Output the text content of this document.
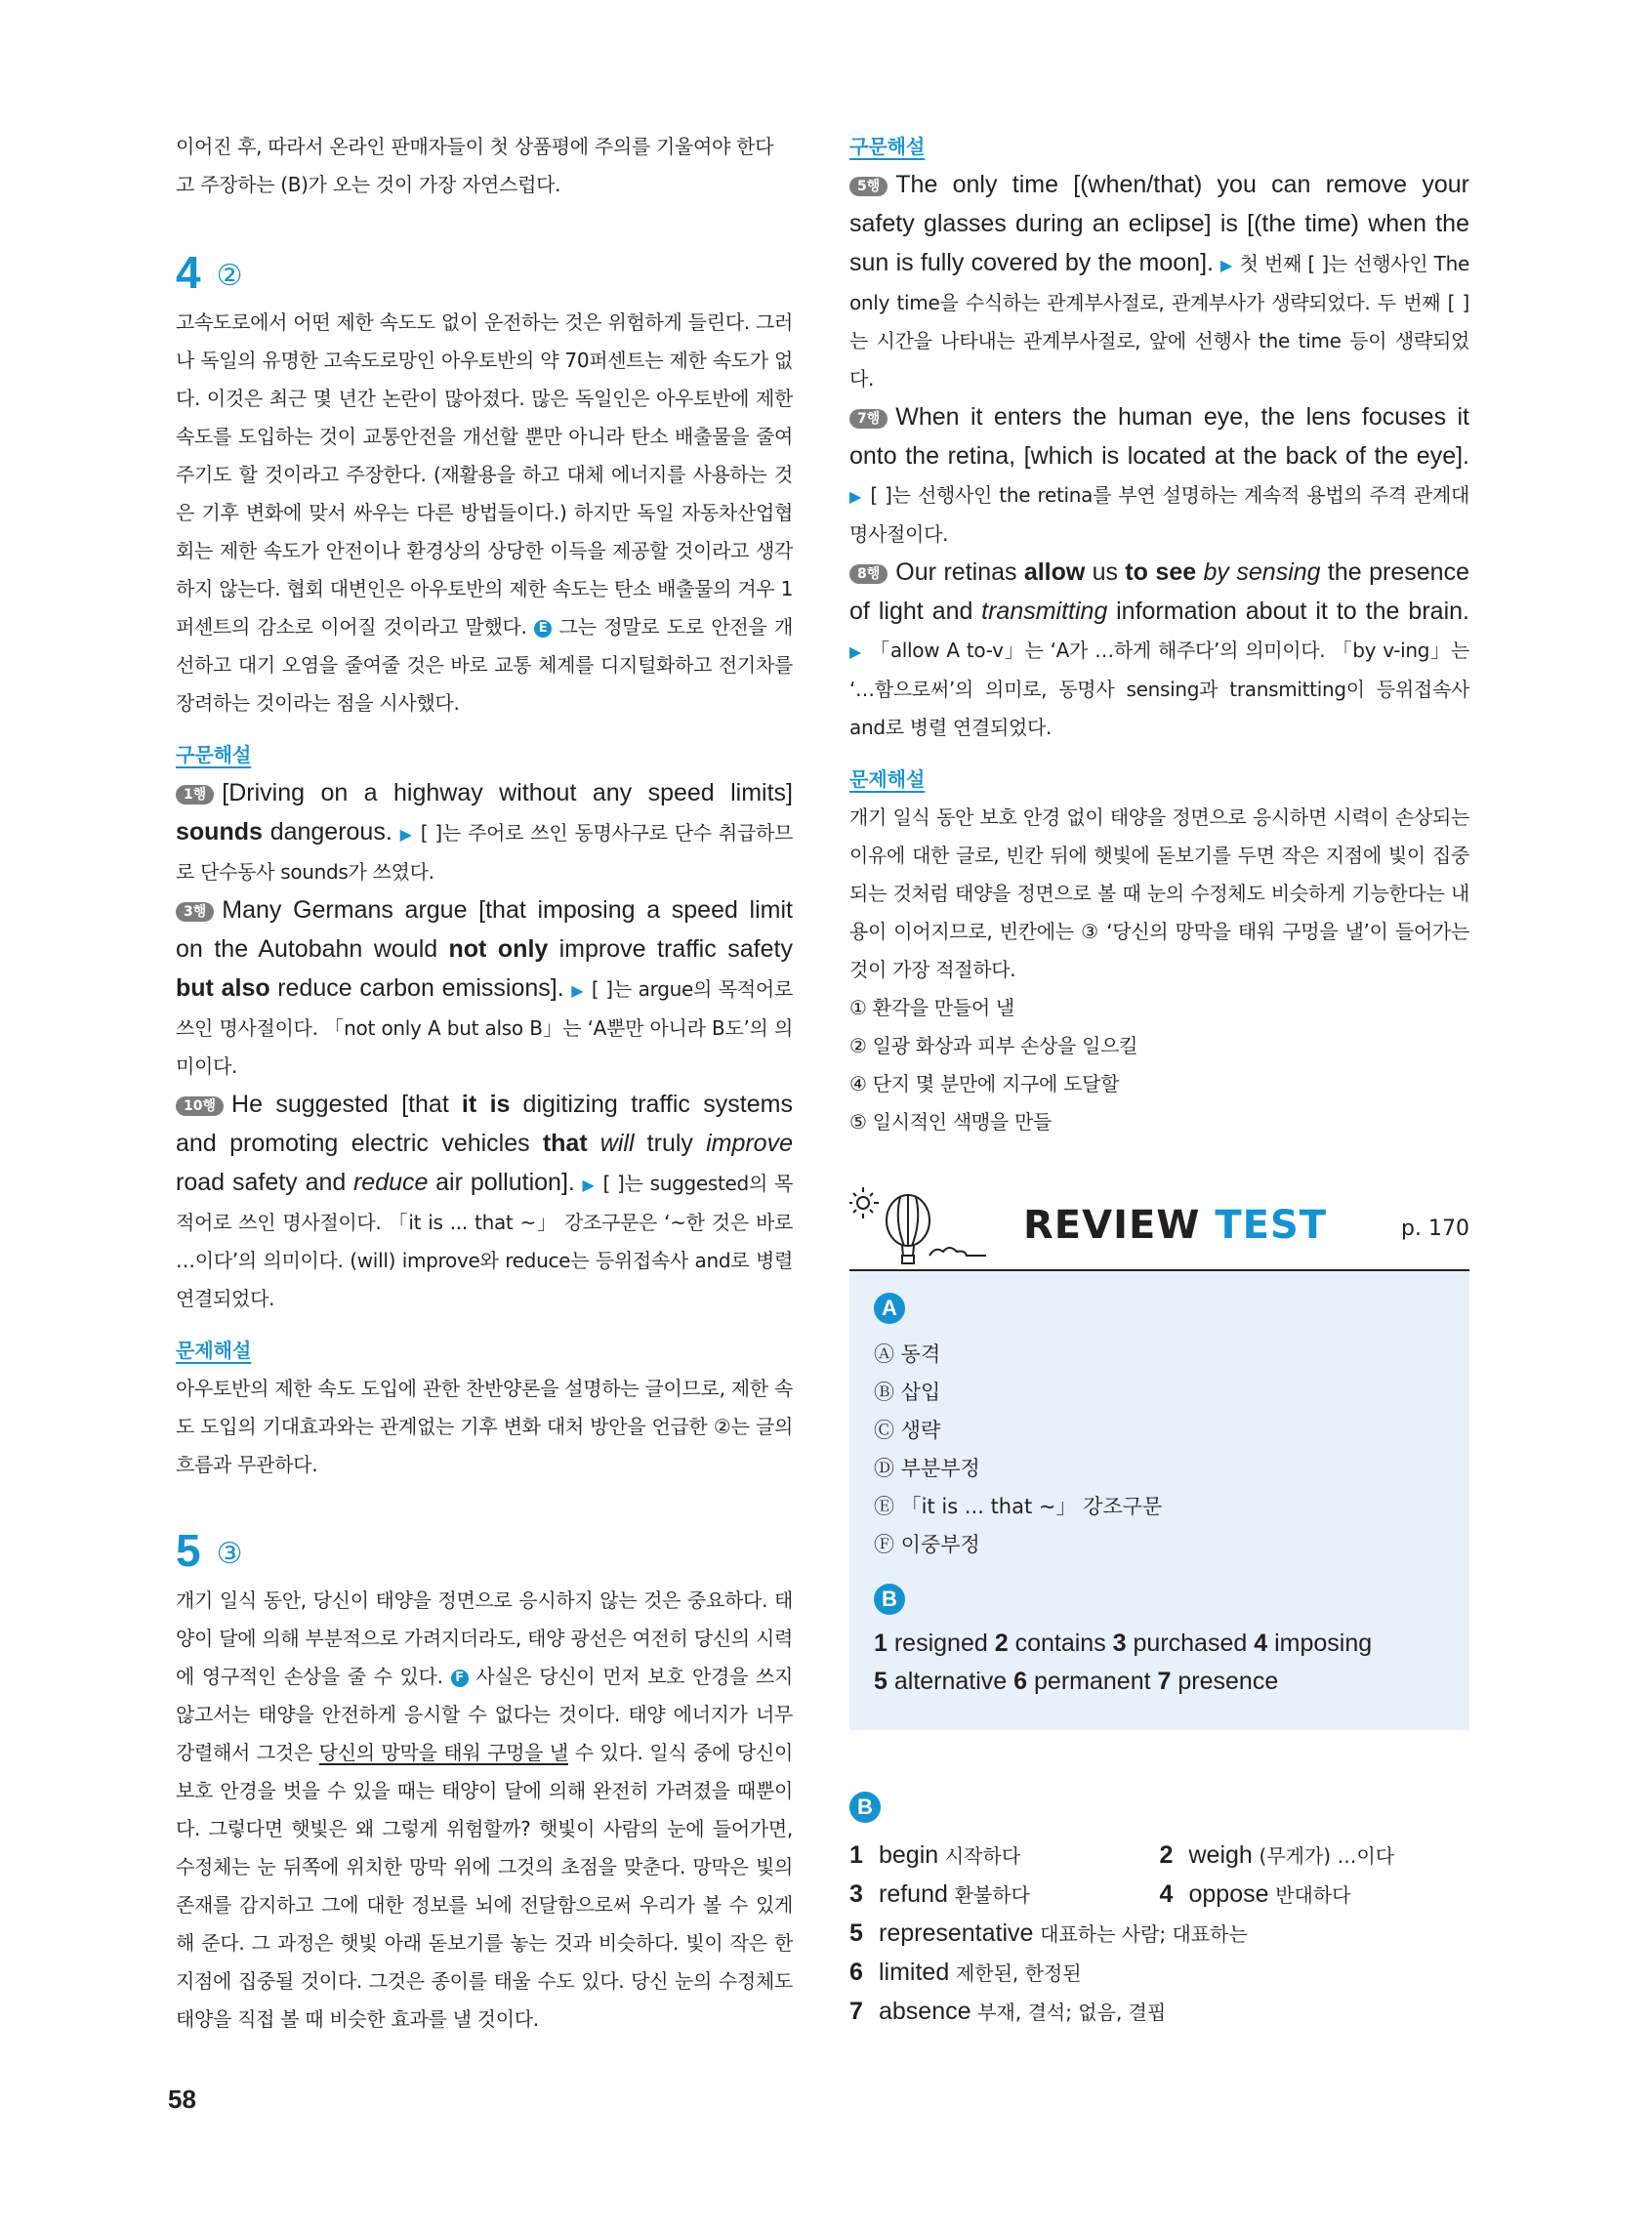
이어진 후, 따라서 온라인 판매자들이 첫 상품평에 주의를 기울여야 한다

고 주장하는 (B)가 오는 것이 가장 자연스럽다.

4 ②

고속도로에서 어떤 제한 속도도 없이 운전하는 것은 위험하게 들린다. 그러나 독일의 유명한 고속도로망인 아우토반의 약 70퍼센트는 제한 속도가 없다. 이것은 최근 몇 년간 논란이 많아졌다. 많은 독일인은 아우토반에 제한 속도를 도입하는 것이 교통안전을 개선할 뿐만 아니라 탄소 배출물을 줄여주기도 할 것이라고 주장한다. (재활용을 하고 대체 에너지를 사용하는 것은 기후 변화에 맞서 싸우는 다른 방법들이다.) 하지만 독일 자동차산업협회는 제한 속도가 안전이나 환경상의 상당한 이득을 제공할 것이라고 생각하지 않는다. 협회 대변인은 아우토반의 제한 속도는 탄소 배출물의 겨우 1퍼센트의 감소로 이어질 것이라고 말했다. E 그는 정말로 도로 안전을 개선하고 대기 오염을 줄여줄 것은 바로 교통 체계를 디지털화하고 전기차를 장려하는 것이라는 점을 시사했다.

구문해설

1행 [Driving on a highway without any speed limits] sounds dangerous. ▶ [ ]는 주어로 쓰인 동명사구로 단수 취급하므로 단수동사 sounds가 쓰였다.

3행 Many Germans argue [that imposing a speed limit on the Autobahn would not only improve traffic safety but also reduce carbon emissions]. ▶ [ ]는 argue의 목적어로 쓰인 명사절이다. 「not only A but also B」는 ‘A뿐만 아니라 B도’의 의미이다.

10행 He suggested [that it is digitizing traffic systems and promoting electric vehicles that will truly improve road safety and reduce air pollution]. ▶ [ ]는 suggested의 목적어로 쓰인 명사절이다. 「it is ... that ~」 강조구문은 ‘~한 것은 바로 …이다’의 의미이다. (will) improve와 reduce는 등위접속사 and로 병렬 연결되었다.

문제해설

아우토반의 제한 속도 도입에 관한 찬반양론을 설명하는 글이므로, 제한 속도 도입의 기대효과와는 관계없는 기후 변화 대처 방안을 언급한 ②는 글의 흐름과 무관하다.

5 ③

개기 일식 동안, 당신이 태양을 정면으로 응시하지 않는 것은 중요하다. 태양이 달에 의해 부분적으로 가려지더라도, 태양 광선은 여전히 당신의 시력에 영구적인 손상을 줄 수 있다. F 사실은 당신이 먼저 보호 안경을 쓰지 않고서는 태양을 안전하게 응시할 수 없다는 것이다. 태양 에너지가 너무 강렬해서 그것은 당신의 망막을 태워 구멍을 낼 수 있다. 일식 중에 당신이 보호 안경을 벗을 수 있을 때는 태양이 달에 의해 완전히 가려졌을 때뿐이다. 그렇다면 햇빛은 왜 그렇게 위험할까? 햇빛이 사람의 눈에 들어가면, 수정체는 눈 뒤쪽에 위치한 망막 위에 그것의 초점을 맞춘다. 망막은 빛의 존재를 감지하고 그에 대한 정보를 뇌에 전달함으로써 우리가 볼 수 있게 해 준다. 그 과정은 햇빛 아래 돋보기를 놓는 것과 비슷하다. 빛이 작은 한 지점에 집중될 것이다. 그것은 종이를 태울 수도 있다. 당신 눈의 수정체도 태양을 직접 볼 때 비슷한 효과를 낼 것이다.

구문해설

5행 The only time [(when/that) you can remove your safety glasses during an eclipse] is [(the time) when the sun is fully covered by the moon]. ▶ 첫 번째 [ ]는 선행사인 The only time을 수식하는 관계부사절로, 관계부사가 생략되었다. 두 번째 [ ]는 시간을 나타내는 관계부사절로, 앞에 선행사 the time 등이 생략되었다.

7행 When it enters the human eye, the lens focuses it onto the retina, [which is located at the back of the eye]. ▶ [ ]는 선행사인 the retina를 부연 설명하는 계속적 용법의 주격 관계대명사절이다.

8행 Our retinas allow us to see by sensing the presence of light and transmitting information about it to the brain. ▶ 「allow A to-v」는 ‘A가 …하게 해주다’의 의미이다. 「by v-ing」는 ‘…함으로써’의 의미로, 동명사 sensing과 transmitting이 등위접속사 and로 병렬 연결되었다.

문제해설

개기 일식 동안 보호 안경 없이 태양을 정면으로 응시하면 시력이 손상되는 이유에 대한 글로, 빈칸 뒤에 햇빛에 돋보기를 두면 작은 지점에 빛이 집중되는 것처럼 태양을 정면으로 볼 때 눈의 수정체도 비슷하게 기능한다는 내용이 이어지므로, 빈칸에는 ③ ‘당신의 망막을 태워 구멍을 낼’이 들어가는 것이 가장 적절하다.

① 환각을 만들어 낼

② 일광 화상과 피부 손상을 일으킬

④ 단지 몇 분만에 지구에 도달할

⑤ 일시적인 색맹을 만들

REVIEW TEST	p. 170
A
Ⓐ 동격
Ⓑ 삽입
Ⓒ 생략
Ⓓ 부분부정
Ⓔ 「it is ... that ~」 강조구문
Ⓕ 이중부정
B
1 resigned 2 contains 3 purchased 4 imposing
5 alternative 6 permanent 7 presence
B
1 begin 시작하다	2 weigh (무게가) …이다
3 refund 환불하다	4 oppose 반대하다
5 representative 대표하는 사람; 대표하는
6 limited 제한된, 한정된
7 absence 부재, 결석; 없음, 결핍
58
